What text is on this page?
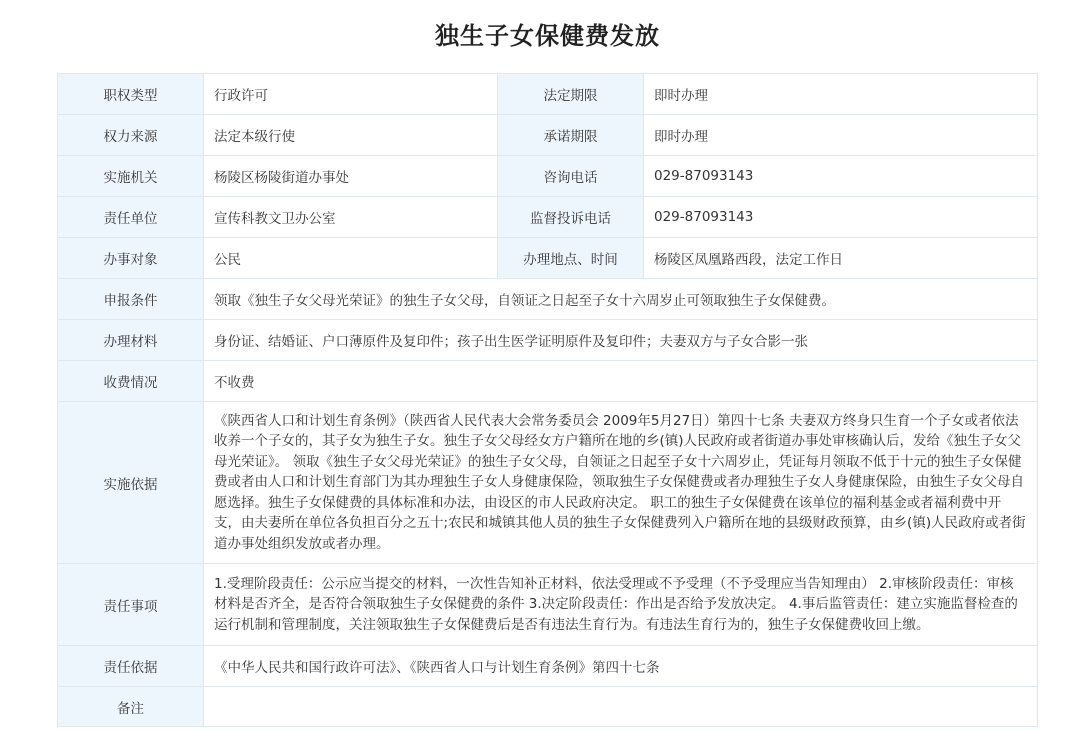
独生子女保健费发放
职权类型	行政许可	法定期限	即时办理
权力来源	法定本级行使	承诺期限	即时办理
实施机关	杨陵区杨陵街道办事处	咨询电话	029-87093143
责任单位	宣传科教文卫办公室	监督投诉电话	029-87093143
办事对象	公民	办理地点、时间	杨陵区凤凰路西段，法定工作日
申报条件	领取《独生子女父母光荣证》的独生子女父母，自领证之日起至子女十六周岁止可领取独生子女保健费。		
办理材料	身份证、结婚证、户口薄原件及复印件；孩子出生医学证明原件及复印件；夫妻双方与子女合影一张		
收费情况	不收费		
实施依据	《陕西省人口和计划生育条例》（陕西省人民代表大会常务委员会 2009年5月27日）第四十七条 夫妻双方终身只生育一个子女或者依法收养一个子女的，其子女为独生子女。独生子女父母经女方户籍所在地的乡(镇)人民政府或者街道办事处审核确认后，发给《独生子女父母光荣证》。 领取《独生子女父母光荣证》的独生子女父母，自领证之日起至子女十六周岁止，凭证每月领取不低于十元的独生子女保健费或者由人口和计划生育部门为其办理独生子女人身健康保险，领取独生子女保健费或者办理独生子女人身健康保险，由独生子女父母自愿选择。独生子女保健费的具体标准和办法，由设区的市人民政府决定。 职工的独生子女保健费在该单位的福利基金或者福利费中开支，由夫妻所在单位各负担百分之五十;农民和城镇其他人员的独生子女保健费列入户籍所在地的县级财政预算，由乡(镇)人民政府或者街道办事处组织发放或者办理。		
责任事项	1.受理阶段责任：公示应当提交的材料，一次性告知补正材料，依法受理或不予受理（不予受理应当告知理由） 2.审核阶段责任：审核材料是否齐全，是否符合领取独生子女保健费的条件 3.决定阶段责任：作出是否给予发放决定。 4.事后监管责任：建立实施监督检查的运行机制和管理制度，关注领取独生子女保健费后是否有违法生育行为。有违法生育行为的，独生子女保健费收回上缴。		
责任依据	《中华人民共和国行政许可法》、《陕西省人口与计划生育条例》第四十七条		
备注			
